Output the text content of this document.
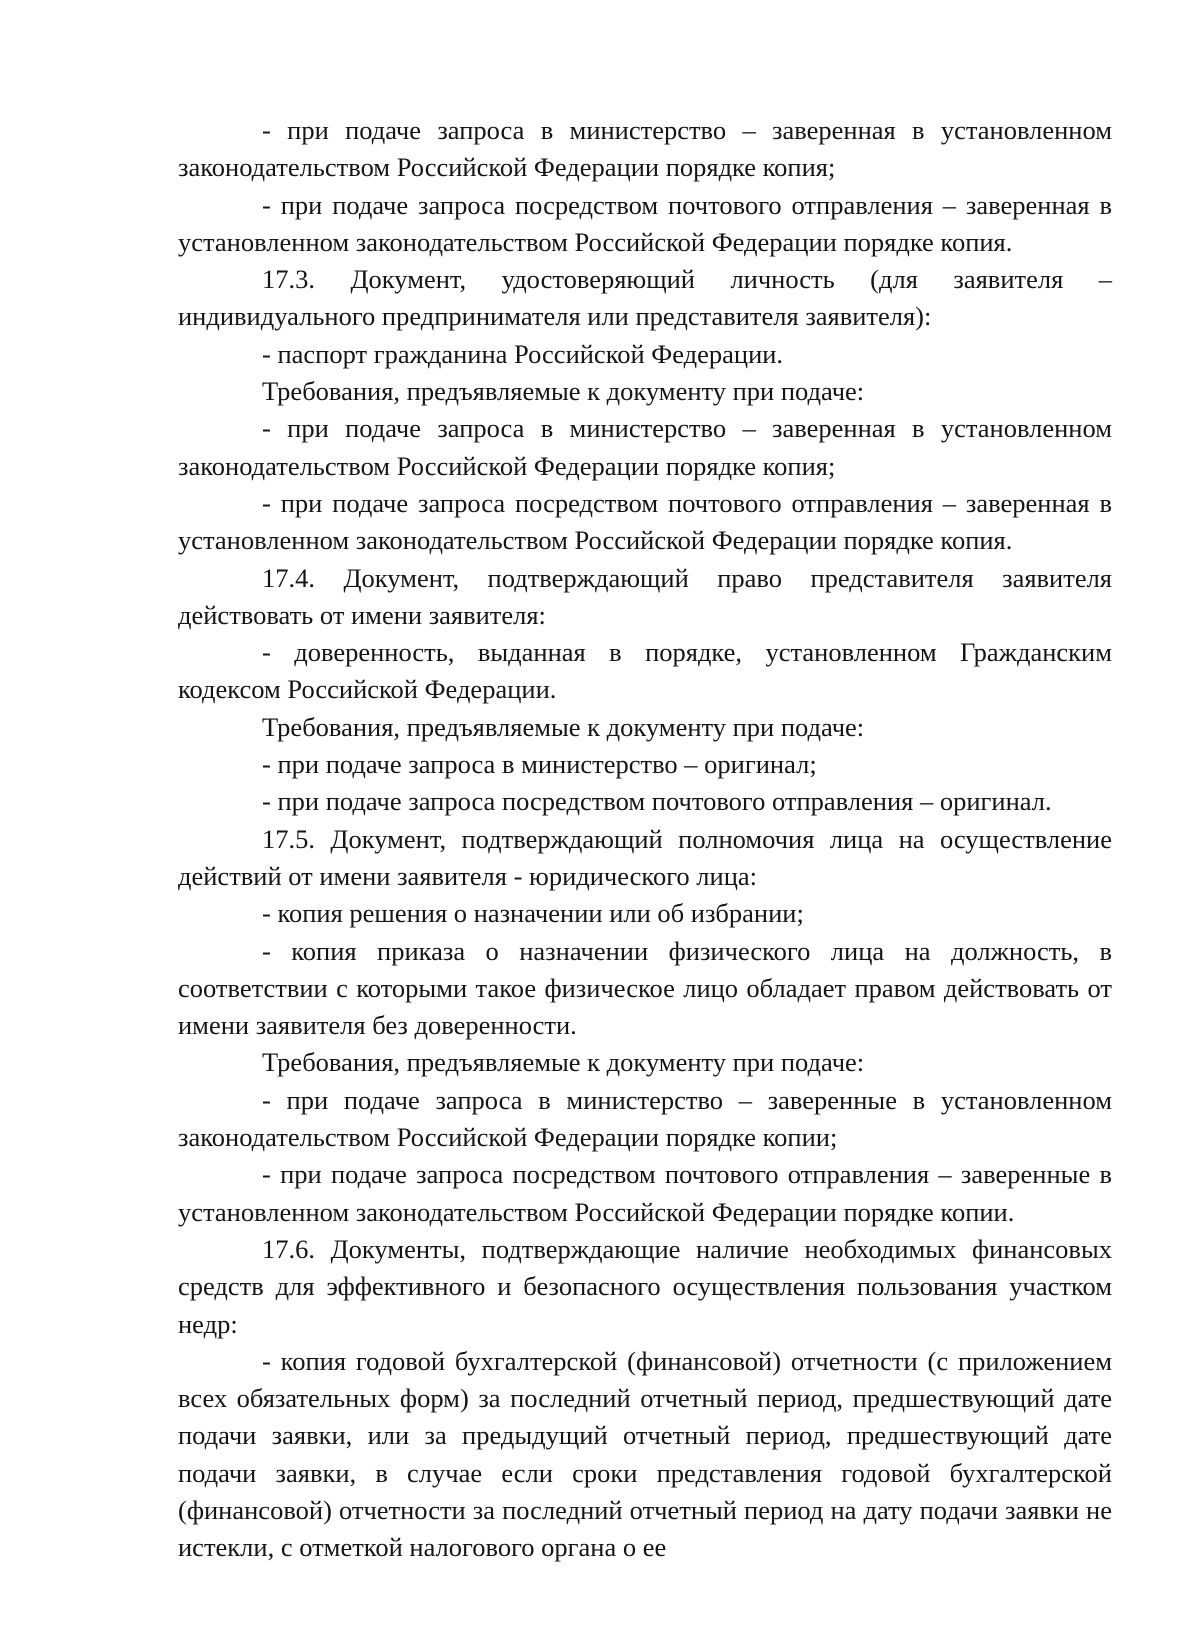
- при подаче запроса в министерство – заверенная в установленном законодательством Российской Федерации порядке копия;

- при подаче запроса посредством почтового отправления – заверенная в установленном законодательством Российской Федерации порядке копия.

17.3. Документ, удостоверяющий личность (для заявителя – индивидуального предпринимателя или представителя заявителя):

- паспорт гражданина Российской Федерации.

Требования, предъявляемые к документу при подаче:

- при подаче запроса в министерство – заверенная в установленном законодательством Российской Федерации порядке копия;

- при подаче запроса посредством почтового отправления – заверенная в установленном законодательством Российской Федерации порядке копия.

17.4. Документ, подтверждающий право представителя заявителя действовать от имени заявителя:

- доверенность, выданная в порядке, установленном Гражданским кодексом Российской Федерации.

Требования, предъявляемые к документу при подаче:

- при подаче запроса в министерство – оригинал;

- при подаче запроса посредством почтового отправления – оригинал.

17.5. Документ, подтверждающий полномочия лица на осуществление действий от имени заявителя - юридического лица:

- копия решения о назначении или об избрании;

- копия приказа о назначении физического лица на должность, в соответствии с которыми такое физическое лицо обладает правом действовать от имени заявителя без доверенности.

Требования, предъявляемые к документу при подаче:

- при подаче запроса в министерство – заверенные в установленном законодательством Российской Федерации порядке копии;

- при подаче запроса посредством почтового отправления – заверенные в установленном законодательством Российской Федерации порядке копии.

17.6. Документы, подтверждающие наличие необходимых финансовых средств для эффективного и безопасного осуществления пользования участком недр:

- копия годовой бухгалтерской (финансовой) отчетности (с приложением всех обязательных форм) за последний отчетный период, предшествующий дате подачи заявки, или за предыдущий отчетный период, предшествующий дате подачи заявки, в случае если сроки представления годовой бухгалтерской (финансовой) отчетности за последний отчетный период на дату подачи заявки не истекли, с отметкой налогового органа о ее
